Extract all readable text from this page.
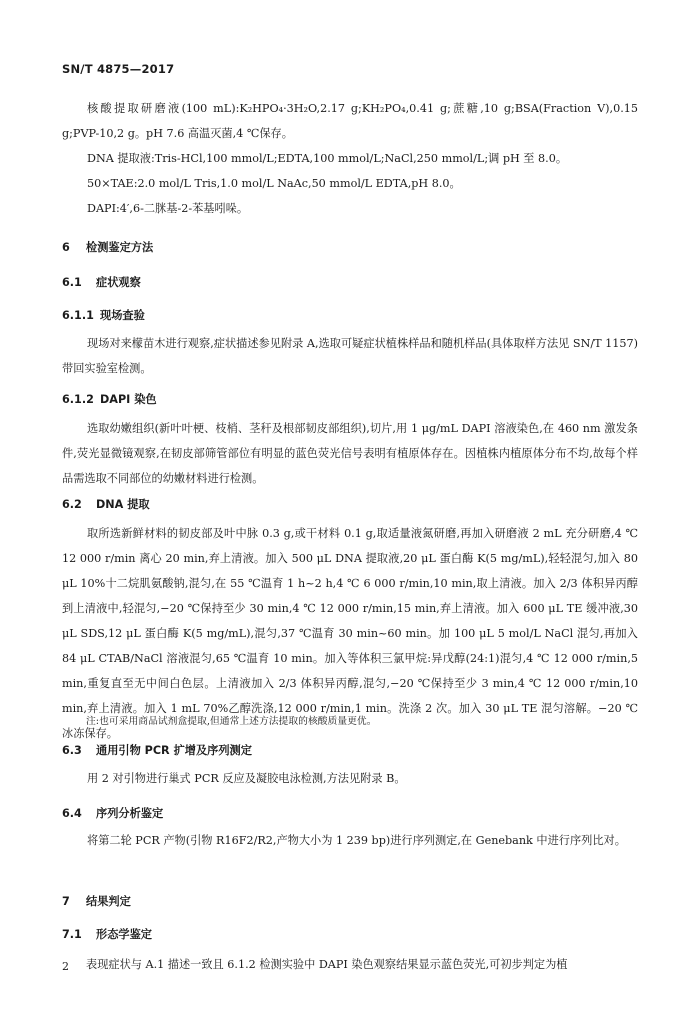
SN/T 4875—2017

核酸提取研磨液(100 mL):K₂HPO₄·3H₂O,2.17 g;KH₂PO₄,0.41 g;蔗糖,10 g;BSA(Fraction V),0.15 g;PVP-10,2 g。pH 7.6 高温灭菌,4 ℃保存。

DNA 提取液:Tris-HCl,100 mmol/L;EDTA,100 mmol/L;NaCl,250 mmol/L;调 pH 至 8.0。

50×TAE:2.0 mol/L Tris,1.0 mol/L NaAc,50 mmol/L EDTA,pH 8.0。

DAPI:4′,6-二脒基-2-苯基吲哚。

6 检测鉴定方法
6.1 症状观察
6.1.1 现场查验

现场对来檬苗木进行观察,症状描述参见附录 A,选取可疑症状植株样品和随机样品(具体取样方法见 SN/T 1157)带回实验室检测。

6.1.2 DAPI 染色

选取幼嫩组织(新叶叶梗、枝梢、茎秆及根部韧皮部组织),切片,用 1 μg/mL DAPI 溶液染色,在 460 nm 激发条件,荧光显微镜观察,在韧皮部筛管部位有明显的蓝色荧光信号表明有植原体存在。因植株内植原体分布不均,故每个样品需选取不同部位的幼嫩材料进行检测。

6.2 DNA 提取

取所选新鲜材料的韧皮部及叶中脉 0.3 g,或干材料 0.1 g,取适量液氮研磨,再加入研磨液 2 mL 充分研磨,4 ℃ 12 000 r/min 离心 20 min,弃上清液。加入 500 μL DNA 提取液,20 μL 蛋白酶 K(5 mg/mL),轻轻混匀,加入 80 μL 10%十二烷肌氨酸钠,混匀,在 55 ℃温育 1 h~2 h,4 ℃ 6 000 r/min,10 min,取上清液。加入 2/3 体积异丙醇到上清液中,轻混匀,−20 ℃保持至少 30 min,4 ℃ 12 000 r/min,15 min,弃上清液。加入 600 μL TE 缓冲液,30 μL SDS,12 μL 蛋白酶 K(5 mg/mL),混匀,37 ℃温育 30 min~60 min。加 100 μL 5 mol/L NaCl 混匀,再加入 84 μL CTAB/NaCl 溶液混匀,65 ℃温育 10 min。加入等体积三氯甲烷:异戊醇(24:1)混匀,4 ℃ 12 000 r/min,5 min,重复直至无中间白色层。上清液加入 2/3 体积异丙醇,混匀,−20 ℃保持至少 3 min,4 ℃ 12 000 r/min,10 min,弃上清液。加入 1 mL 70%乙醇洗涤,12 000 r/min,1 min。洗涤 2 次。加入 30 μL TE 混匀溶解。−20 ℃冰冻保存。

注:也可采用商品试剂盒提取,但通常上述方法提取的核酸质量更优。
6.3 通用引物 PCR 扩增及序列测定

用 2 对引物进行巢式 PCR 反应及凝胶电泳检测,方法见附录 B。

6.4 序列分析鉴定

将第二轮 PCR 产物(引物 R16F2/R2,产物大小为 1 239 bp)进行序列测定,在 Genebank 中进行序列比对。

7 结果判定
7.1 形态学鉴定

表现症状与 A.1 描述一致且 6.1.2 检测实验中 DAPI 染色观察结果显示蓝色荧光,可初步判定为植

2
